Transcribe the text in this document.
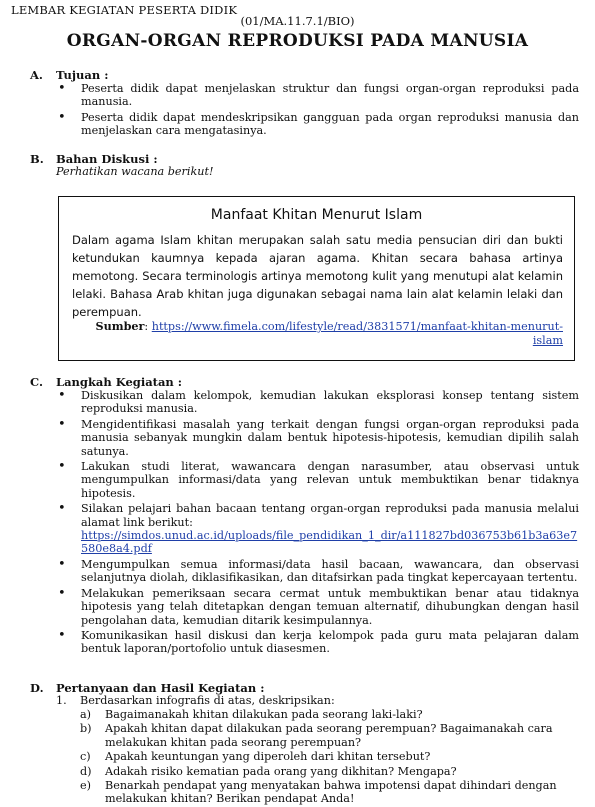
LEMBAR KEGIATAN PESERTA DIDIK
(01/MA.11.7.1/BIO)
ORGAN-ORGAN REPRODUKSI PADA MANUSIA
A. Tujuan :
• Peserta didik dapat menjelaskan struktur dan fungsi organ-organ reproduksi pada manusia.
• Peserta didik dapat mendeskripsikan gangguan pada organ reproduksi manusia dan menjelaskan cara mengatasinya.
B. Bahan Diskusi :
Perhatikan wacana berikut!
Manfaat Khitan Menurut Islam
Dalam agama Islam khitan merupakan salah satu media pensucian diri dan bukti ketundukan kaumnya kepada ajaran agama. Khitan secara bahasa artinya memotong. Secara terminologis artinya memotong kulit yang menutupi alat kelamin lelaki. Bahasa Arab khitan juga digunakan sebagai nama lain alat kelamin lelaki dan perempuan.
Sumber: https://www.fimela.com/lifestyle/read/3831571/manfaat-khitan-menurut-islam
C. Langkah Kegiatan :
• Diskusikan dalam kelompok, kemudian lakukan eksplorasi konsep tentang sistem reproduksi manusia.
• Mengidentifikasi masalah yang terkait dengan fungsi organ-organ reproduksi pada manusia sebanyak mungkin dalam bentuk hipotesis-hipotesis, kemudian dipilih salah satunya.
• Lakukan studi literat, wawancara dengan narasumber, atau observasi untuk mengumpulkan informasi/data yang relevan untuk membuktikan benar tidaknya hipotesis.
• Silakan pelajari bahan bacaan tentang organ-organ reproduksi pada manusia melalui alamat link berikut:
https://simdos.unud.ac.id/uploads/file_pendidikan_1_dir/a111827bd036753b61b3a63e7580e8a4.pdf
• Mengumpulkan semua informasi/data hasil bacaan, wawancara, dan observasi selanjutnya diolah, diklasifikasikan, dan ditafsirkan pada tingkat kepercayaan tertentu.
• Melakukan pemeriksaan secara cermat untuk membuktikan benar atau tidaknya hipotesis yang telah ditetapkan dengan temuan alternatif, dihubungkan dengan hasil pengolahan data, kemudian ditarik kesimpulannya.
• Komunikasikan hasil diskusi dan kerja kelompok pada guru mata pelajaran dalam bentuk laporan/portofolio untuk diasesmen.
D. Pertanyaan dan Hasil Kegiatan :
1. Berdasarkan infografis di atas, deskripsikan:
a) Bagaimanakah khitan dilakukan pada seorang laki-laki?
b) Apakah khitan dapat dilakukan pada seorang perempuan? Bagaimanakah cara melakukan khitan pada seorang perempuan?
c) Apakah keuntungan yang diperoleh dari khitan tersebut?
d) Adakah risiko kematian pada orang yang dikhitan? Mengapa?
e) Benarkah pendapat yang menyatakan bahwa impotensi dapat dihindari dengan melakukan khitan? Berikan pendapat Anda!
